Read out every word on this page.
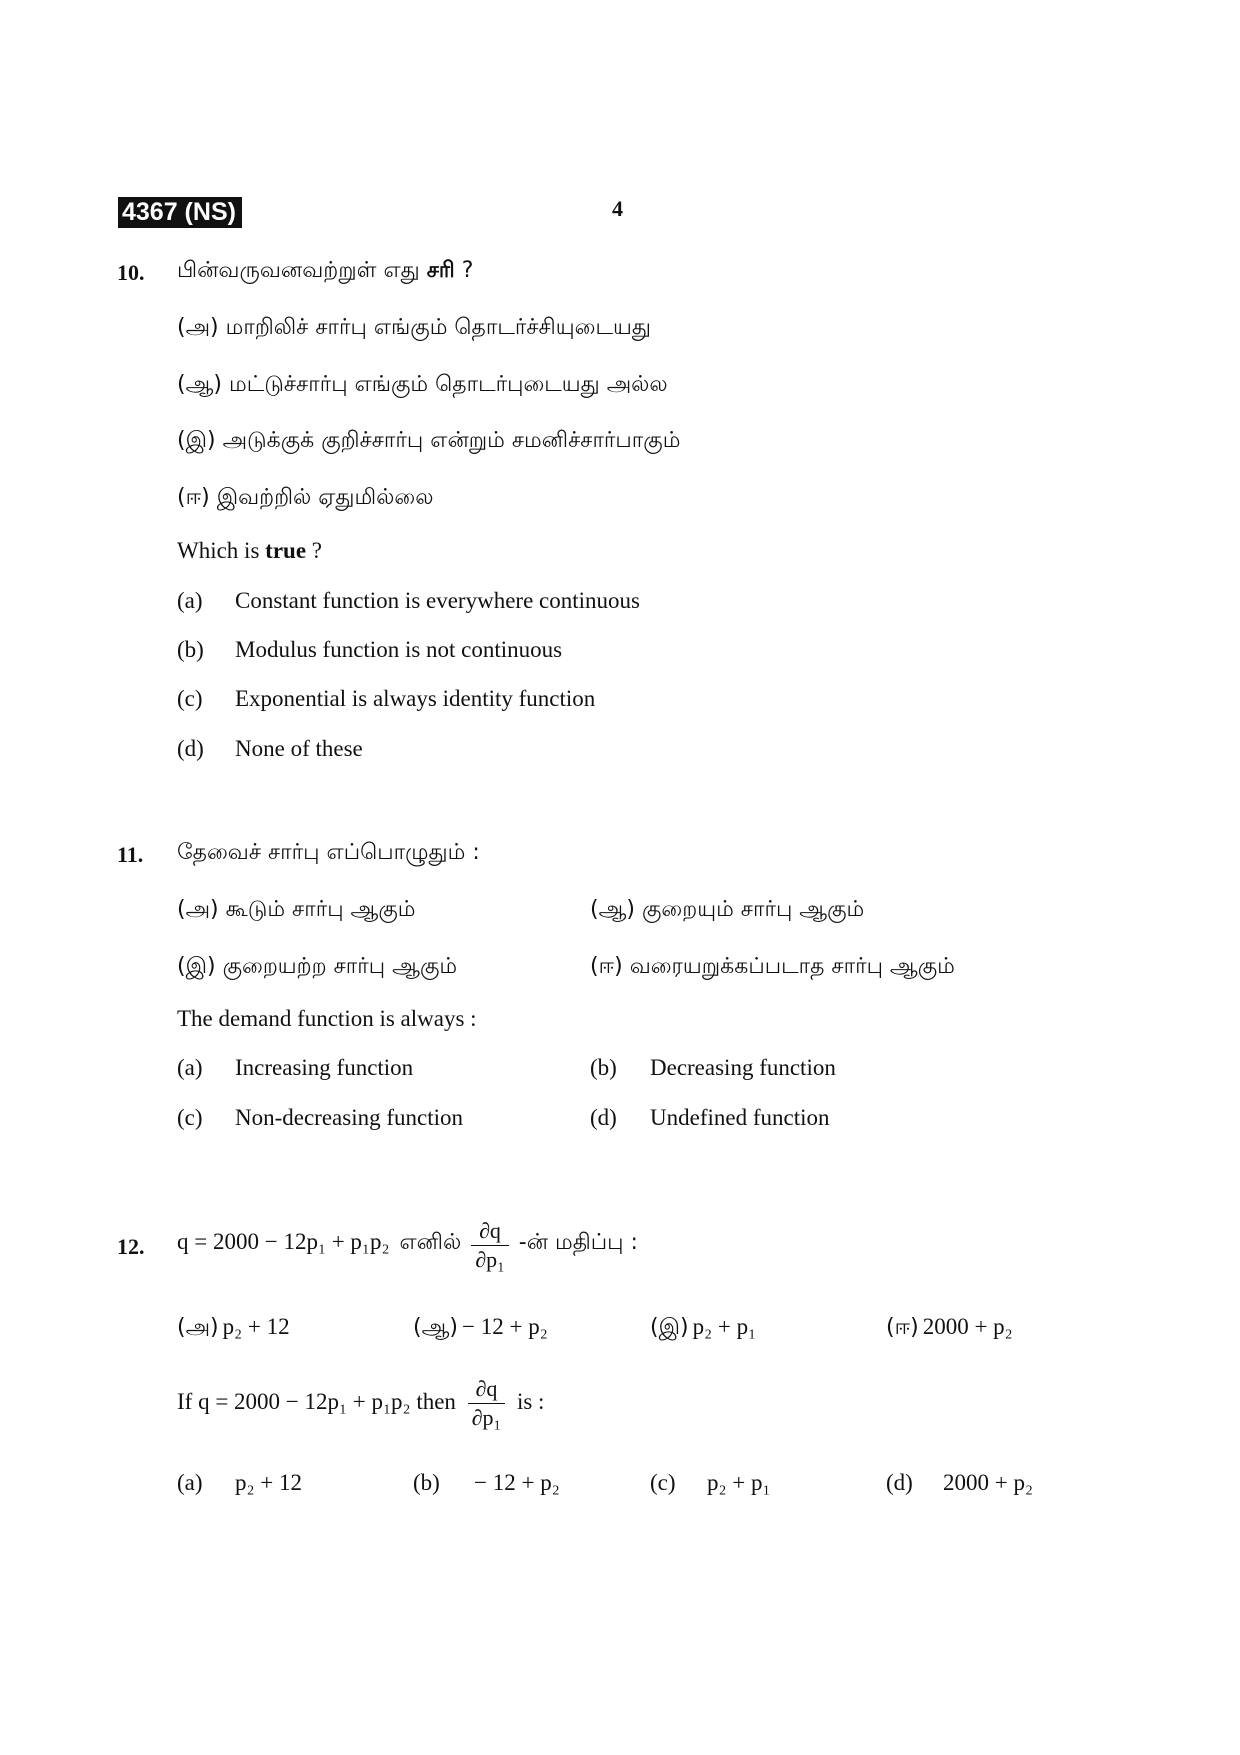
4367 (NS)	4
10. பின்வருவனவற்றுள் எது சரி ?
(அ) மாறிலிச் சார்பு எங்கும் தொடர்ச்சியுடையது
(ஆ) மட்டுச்சார்பு எங்கும் தொடர்புடையது அல்ல
(இ) அடுக்குக் குறிச்சார்பு என்றும் சமனிச்சார்பாகும்
(ஈ) இவற்றில் ஏதுமில்லை
Which is true ?
(a) Constant function is everywhere continuous
(b) Modulus function is not continuous
(c) Exponential is always identity function
(d) None of these
11. தேவைச் சார்பு எப்பொழுதும் :
(அ) கூடும் சார்பு ஆகும்	(ஆ) குறையும் சார்பு ஆகும்
(இ) குறையற்ற சார்பு ஆகும்	(ஈ) வரையறுக்கப்படாத சார்பு ஆகும்
The demand function is always :
(a) Increasing function	(b) Decreasing function
(c) Non-decreasing function	(d) Undefined function
12. q = 2000 − 12p₁ + p₁p₂ எனில் $\frac{\partial q}{\text{∂p₁}}$ -ன் மதிப்பு :
(அ) p₂ + 12	(ஆ) − 12 + p₂	(இ) p₂ + p₁	(ஈ) 2000 + p₂
If q = 2000 − 12p₁ + p₁p₂ then $\frac{\partial q}{\text{∂p₁}}$ is :
(a) p₂ + 12	(b) − 12 + p₂	(c) p₂ + p₁	(d) 2000 + p₂
